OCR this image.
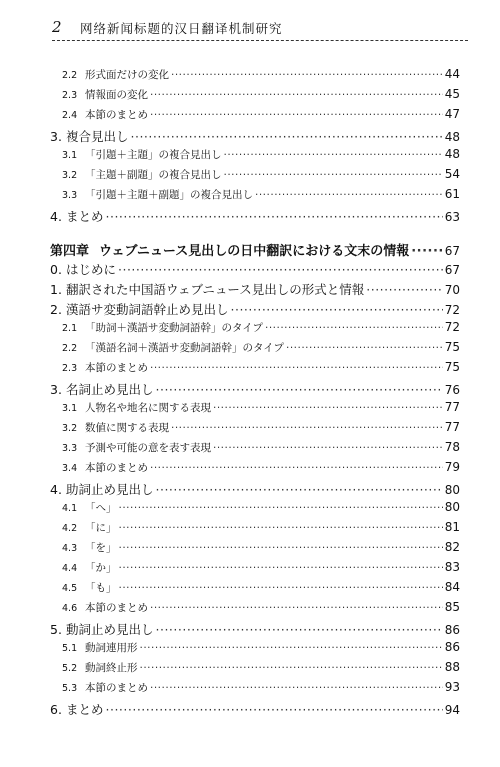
2 网络新闻标题的汉日翻译机制研究
2.2 形式面だけの変化 ·····	44
2.3 情報面の変化 ·····	45
2.4 本節のまとめ ·····	47
3. 複合見出し ·····	48
3.1 「引題＋主題」の複合見出し ·····	48
3.2 「主題＋副題」の複合見出し ·····	54
3.3 「引題＋主題＋副題」の複合見出し ·····	61
4. まとめ ·····	63
第四章 ウェブニュース見出しの日中翻訳における文末の情報 ·····	67
0. はじめに ·····	67
1. 翻訳された中国語ウェブニュース見出しの形式と情報 ·····	70
2. 漢語サ変動詞語幹止め見出し ·····	72
2.1 「助詞＋漢語サ変動詞語幹」のタイプ ·····	72
2.2 「漢語名詞＋漢語サ変動詞語幹」のタイプ ·····	75
2.3 本節のまとめ ·····	75
3. 名詞止め見出し ·····	76
3.1 人物名や地名に関する表現 ·····	77
3.2 数値に関する表現 ·····	77
3.3 予測や可能の意を表す表現 ·····	78
3.4 本節のまとめ ·····	79
4. 助詞止め見出し ·····	80
4.1 「へ」 ·····	80
4.2 「に」 ·····	81
4.3 「を」 ·····	82
4.4 「か」 ·····	83
4.5 「も」 ·····	84
4.6 本節のまとめ ·····	85
5. 動詞止め見出し ·····	86
5.1 動詞連用形 ·····	86
5.2 動詞終止形 ·····	88
5.3 本節のまとめ ·····	93
6. まとめ ·····	94
